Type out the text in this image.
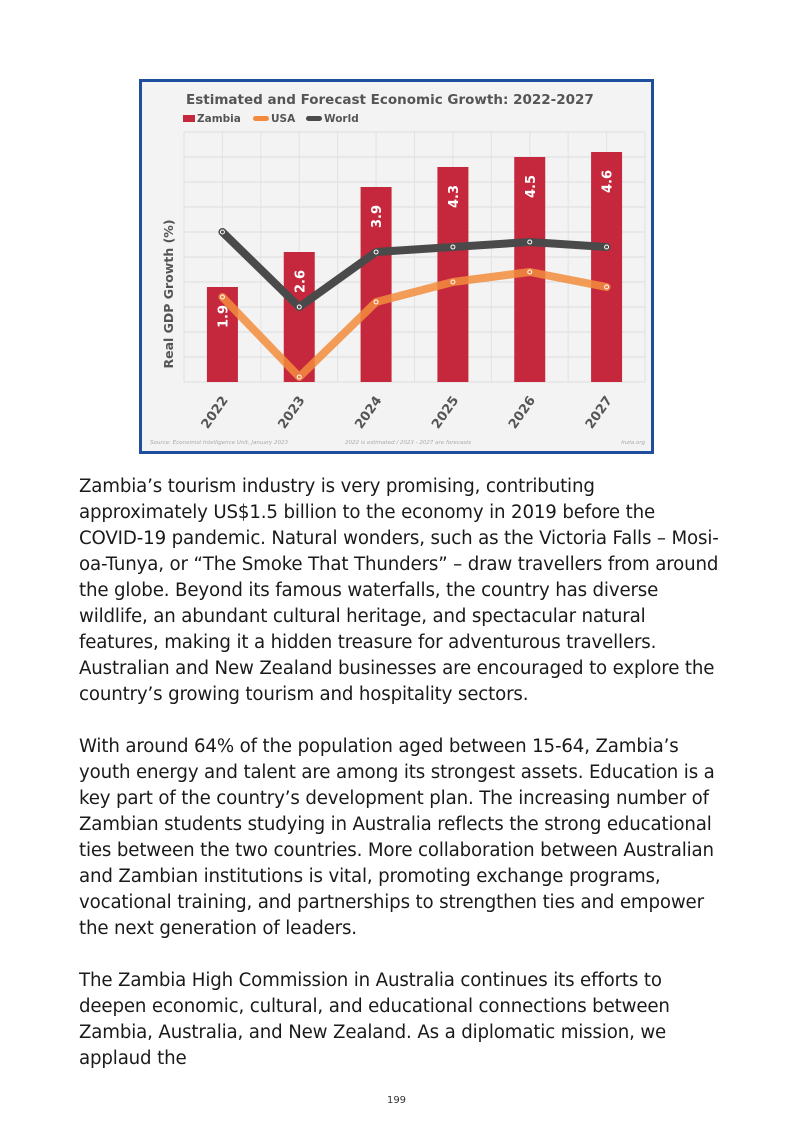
Estimated and Forecast Economic Growth: 2022-2027
Zambia	USA	World
1.9
2.6
3.9
4.3	4.5	4.6
2022	2023	2024	2025	2026	2027
Real GDP Growth (%)
Source: Economist Intelligence Unit, January 2023	2022 is estimated / 2023 - 2027 are forecasts	Inzia.org

Zambia’s tourism industry is very promising, contributing approximately US$1.5 billion to the economy in 2019 before the COVID-19 pandemic. Natural wonders, such as the Victoria Falls – Mosi-oa-Tunya, or “The Smoke That Thunders” – draw travellers from around the globe. Beyond its famous waterfalls, the country has diverse wildlife, an abundant cultural heritage, and spectacular natural features, making it a hidden treasure for adventurous travellers. Australian and New Zealand businesses are encouraged to explore the country’s growing tourism and hospitality sectors.

With around 64% of the population aged between 15-64, Zambia’s youth energy and talent are among its strongest assets. Education is a key part of the country’s development plan. The increasing number of Zambian students studying in Australia reflects the strong educational ties between the two countries. More collaboration between Australian and Zambian institutions is vital, promoting exchange programs, vocational training, and partnerships to strengthen ties and empower the next generation of leaders.

The Zambia High Commission in Australia continues its efforts to deepen economic, cultural, and educational connections between Zambia, Australia, and New Zealand. As a diplomatic mission, we applaud the

199
